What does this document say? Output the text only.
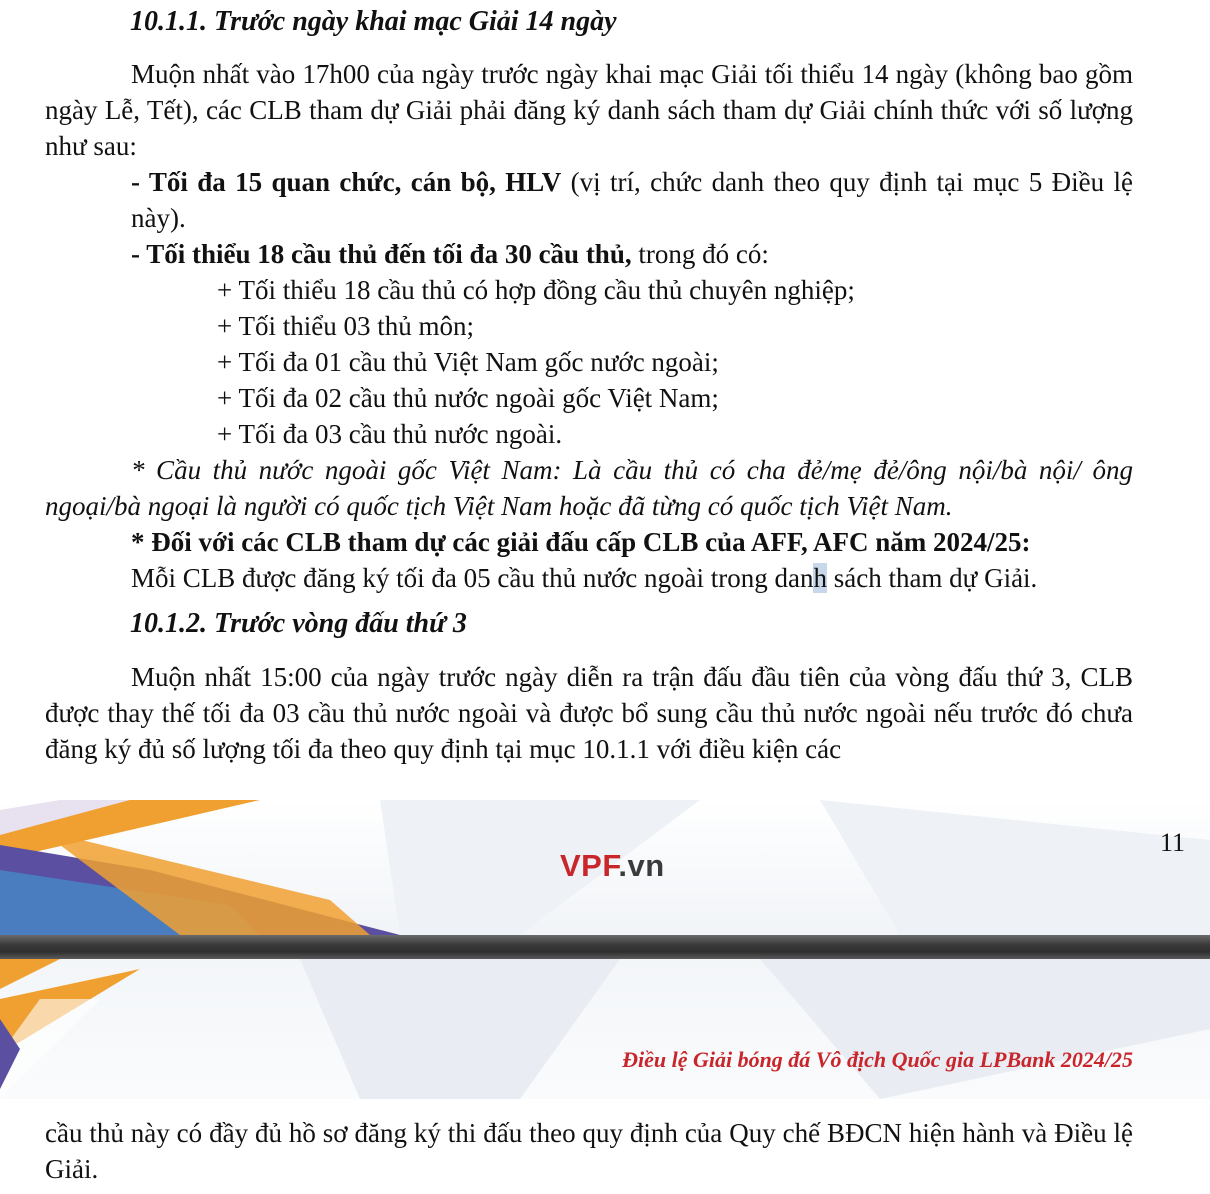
10.1.1. Trước ngày khai mạc Giải 14 ngày
Muộn nhất vào 17h00 của ngày trước ngày khai mạc Giải tối thiểu 14 ngày (không bao gồm ngày Lễ, Tết), các CLB tham dự Giải phải đăng ký danh sách tham dự Giải chính thức với số lượng như sau:
- Tối đa 15 quan chức, cán bộ, HLV (vị trí, chức danh theo quy định tại mục 5 Điều lệ này).
- Tối thiểu 18 cầu thủ đến tối đa 30 cầu thủ, trong đó có:
+ Tối thiểu 18 cầu thủ có hợp đồng cầu thủ chuyên nghiệp;
+ Tối thiểu 03 thủ môn;
+ Tối đa 01 cầu thủ Việt Nam gốc nước ngoài;
+ Tối đa 02 cầu thủ nước ngoài gốc Việt Nam;
+ Tối đa 03 cầu thủ nước ngoài.
* Cầu thủ nước ngoài gốc Việt Nam: Là cầu thủ có cha đẻ/mẹ đẻ/ông nội/bà nội/ ông ngoại/bà ngoại là người có quốc tịch Việt Nam hoặc đã từng có quốc tịch Việt Nam.
* Đối với các CLB tham dự các giải đấu cấp CLB của AFF, AFC năm 2024/25:
Mỗi CLB được đăng ký tối đa 05 cầu thủ nước ngoài trong danh sách tham dự Giải.
10.1.2. Trước vòng đấu thứ 3
Muộn nhất 15:00 của ngày trước ngày diễn ra trận đấu đầu tiên của vòng đấu thứ 3, CLB được thay thế tối đa 03 cầu thủ nước ngoài và được bổ sung cầu thủ nước ngoài nếu trước đó chưa đăng ký đủ số lượng tối đa theo quy định tại mục 10.1.1 với điều kiện các
VPF.vn
11
Điều lệ Giải bóng đá Vô địch Quốc gia LPBank 2024/25
cầu thủ này có đầy đủ hồ sơ đăng ký thi đấu theo quy định của Quy chế BĐCN hiện hành và Điều lệ Giải.
